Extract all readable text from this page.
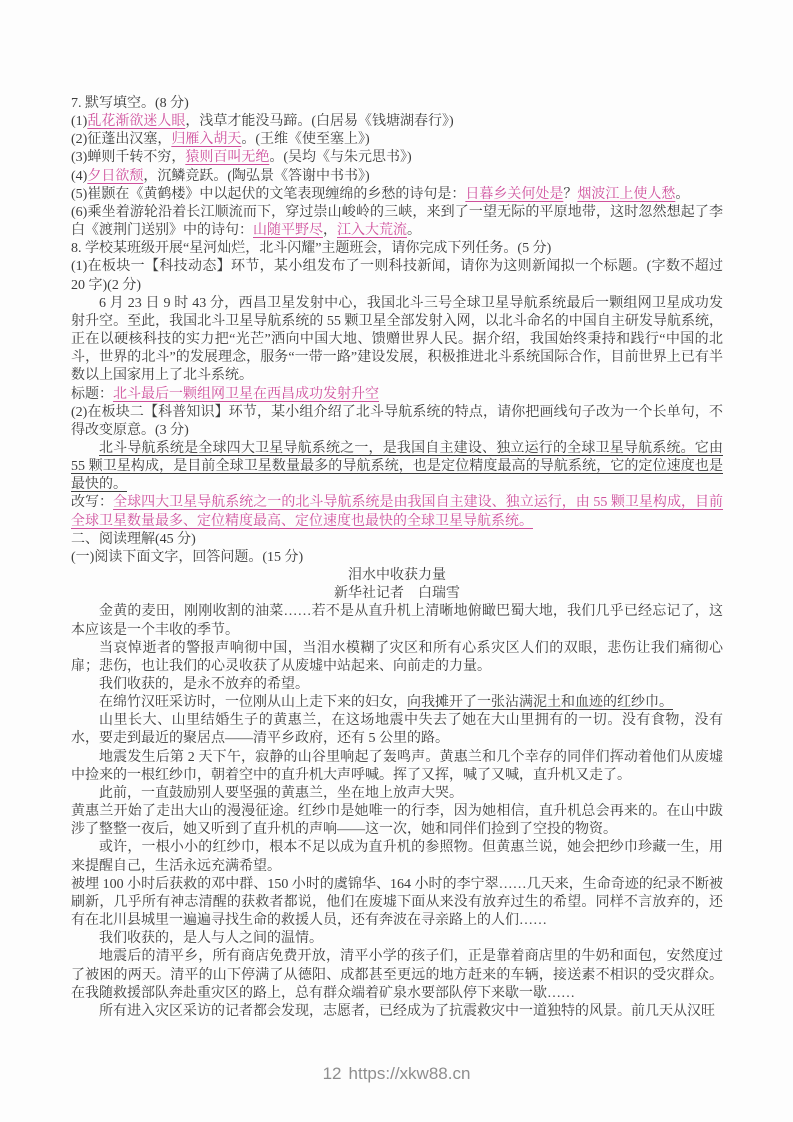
7. 默写填空。(8 分)

(1)乱花渐欲迷人眼，浅草才能没马蹄。(白居易《钱塘湖春行》)

(2)征蓬出汉塞，归雁入胡天。(王维《使至塞上》)

(3)蝉则千转不穷，猿则百叫无绝。(吴均《与朱元思书》)

(4)夕日欲颓，沉鳞竞跃。(陶弘景《答谢中书书》)

(5)崔颢在《黄鹤楼》中以起伏的文笔表现缠绵的乡愁的诗句是：日暮乡关何处是？烟波江上使人愁。

(6)乘坐着游轮沿着长江顺流而下，穿过崇山峻岭的三峡，来到了一望无际的平原地带，这时忽然想起了李白《渡荆门送别》中的诗句：山随平野尽，江入大荒流。

8. 学校某班级开展“星河灿烂，北斗闪耀”主题班会，请你完成下列任务。(5 分)

(1)在板块一【科技动态】环节，某小组发布了一则科技新闻，请你为这则新闻拟一个标题。(字数不超过 20 字)(2 分)

6 月 23 日 9 时 43 分，西昌卫星发射中心，我国北斗三号全球卫星导航系统最后一颗组网卫星成功发射升空。至此，我国北斗卫星导航系统的 55 颗卫星全部发射入网，以北斗命名的中国自主研发导航系统，正在以硬核科技的实力把“光芒”洒向中国大地、馈赠世界人民。据介绍，我国始终秉持和践行“中国的北斗，世界的北斗”的发展理念，服务“一带一路”建设发展，积极推进北斗系统国际合作，目前世界上已有半数以上国家用上了北斗系统。

标题：北斗最后一颗组网卫星在西昌成功发射升空

(2)在板块二【科普知识】环节，某小组介绍了北斗导航系统的特点，请你把画线句子改为一个长单句，不得改变原意。(3 分)

北斗导航系统是全球四大卫星导航系统之一，是我国自主建设、独立运行的全球卫星导航系统。它由 55 颗卫星构成，是目前全球卫星数量最多的导航系统，也是定位精度最高的导航系统，它的定位速度也是最快的。

改写：全球四大卫星导航系统之一的北斗导航系统是由我国自主建设、独立运行，由 55 颗卫星构成，目前全球卫星数量最多、定位精度最高、定位速度也最快的全球卫星导航系统。

二、阅读理解(45 分)

(一)阅读下面文字，回答问题。(15 分)

泪水中收获力量

新华社记者　白瑞雪

金黄的麦田，刚刚收割的油菜……若不是从直升机上清晰地俯瞰巴蜀大地，我们几乎已经忘记了，这本应该是一个丰收的季节。

当哀悼逝者的警报声响彻中国，当泪水模糊了灾区和所有心系灾区人们的双眼，悲伤让我们痛彻心扉；悲伤，也让我们的心灵收获了从废墟中站起来、向前走的力量。

我们收获的，是永不放弃的希望。

在绵竹汉旺采访时，一位刚从山上走下来的妇女，向我摊开了一张沾满泥土和血迹的红纱巾。

山里长大、山里结婚生子的黄惠兰，在这场地震中失去了她在大山里拥有的一切。没有食物，没有水，要走到最近的聚居点——清平乡政府，还有 5 公里的路。

地震发生后第 2 天下午，寂静的山谷里响起了轰鸣声。黄惠兰和几个幸存的同伴们挥动着他们从废墟中捡来的一根红纱巾，朝着空中的直升机大声呼喊。挥了又挥，喊了又喊，直升机又走了。

此前，一直鼓励别人要坚强的黄惠兰，坐在地上放声大哭。

黄惠兰开始了走出大山的漫漫征途。红纱巾是她唯一的行李，因为她相信，直升机总会再来的。在山中跋涉了整整一夜后，她又听到了直升机的声响——这一次，她和同伴们捡到了空投的物资。

或许，一根小小的红纱巾，根本不足以成为直升机的参照物。但黄惠兰说，她会把纱巾珍藏一生，用来提醒自己，生活永远充满希望。

被埋 100 小时后获救的邓中群、150 小时的虞锦华、164 小时的李宁翠……几天来，生命奇迹的纪录不断被刷新，几乎所有神志清醒的获救者都说，他们在废墟下面从来没有放弃过生的希望。同样不言放弃的，还有在北川县城里一遍遍寻找生命的救援人员，还有奔波在寻亲路上的人们……

我们收获的，是人与人之间的温情。

地震后的清平乡，所有商店免费开放，清平小学的孩子们，正是靠着商店里的牛奶和面包，安然度过了被困的两天。清平的山下停满了从德阳、成都甚至更远的地方赶来的车辆，接送素不相识的受灾群众。在我随救援部队奔赴重灾区的路上，总有群众端着矿泉水要部队停下来歇一歇……

所有进入灾区采访的记者都会发现，志愿者，已经成为了抗震救灾中一道独特的风景。前几天从汉旺

12 https://xkw88.cn
